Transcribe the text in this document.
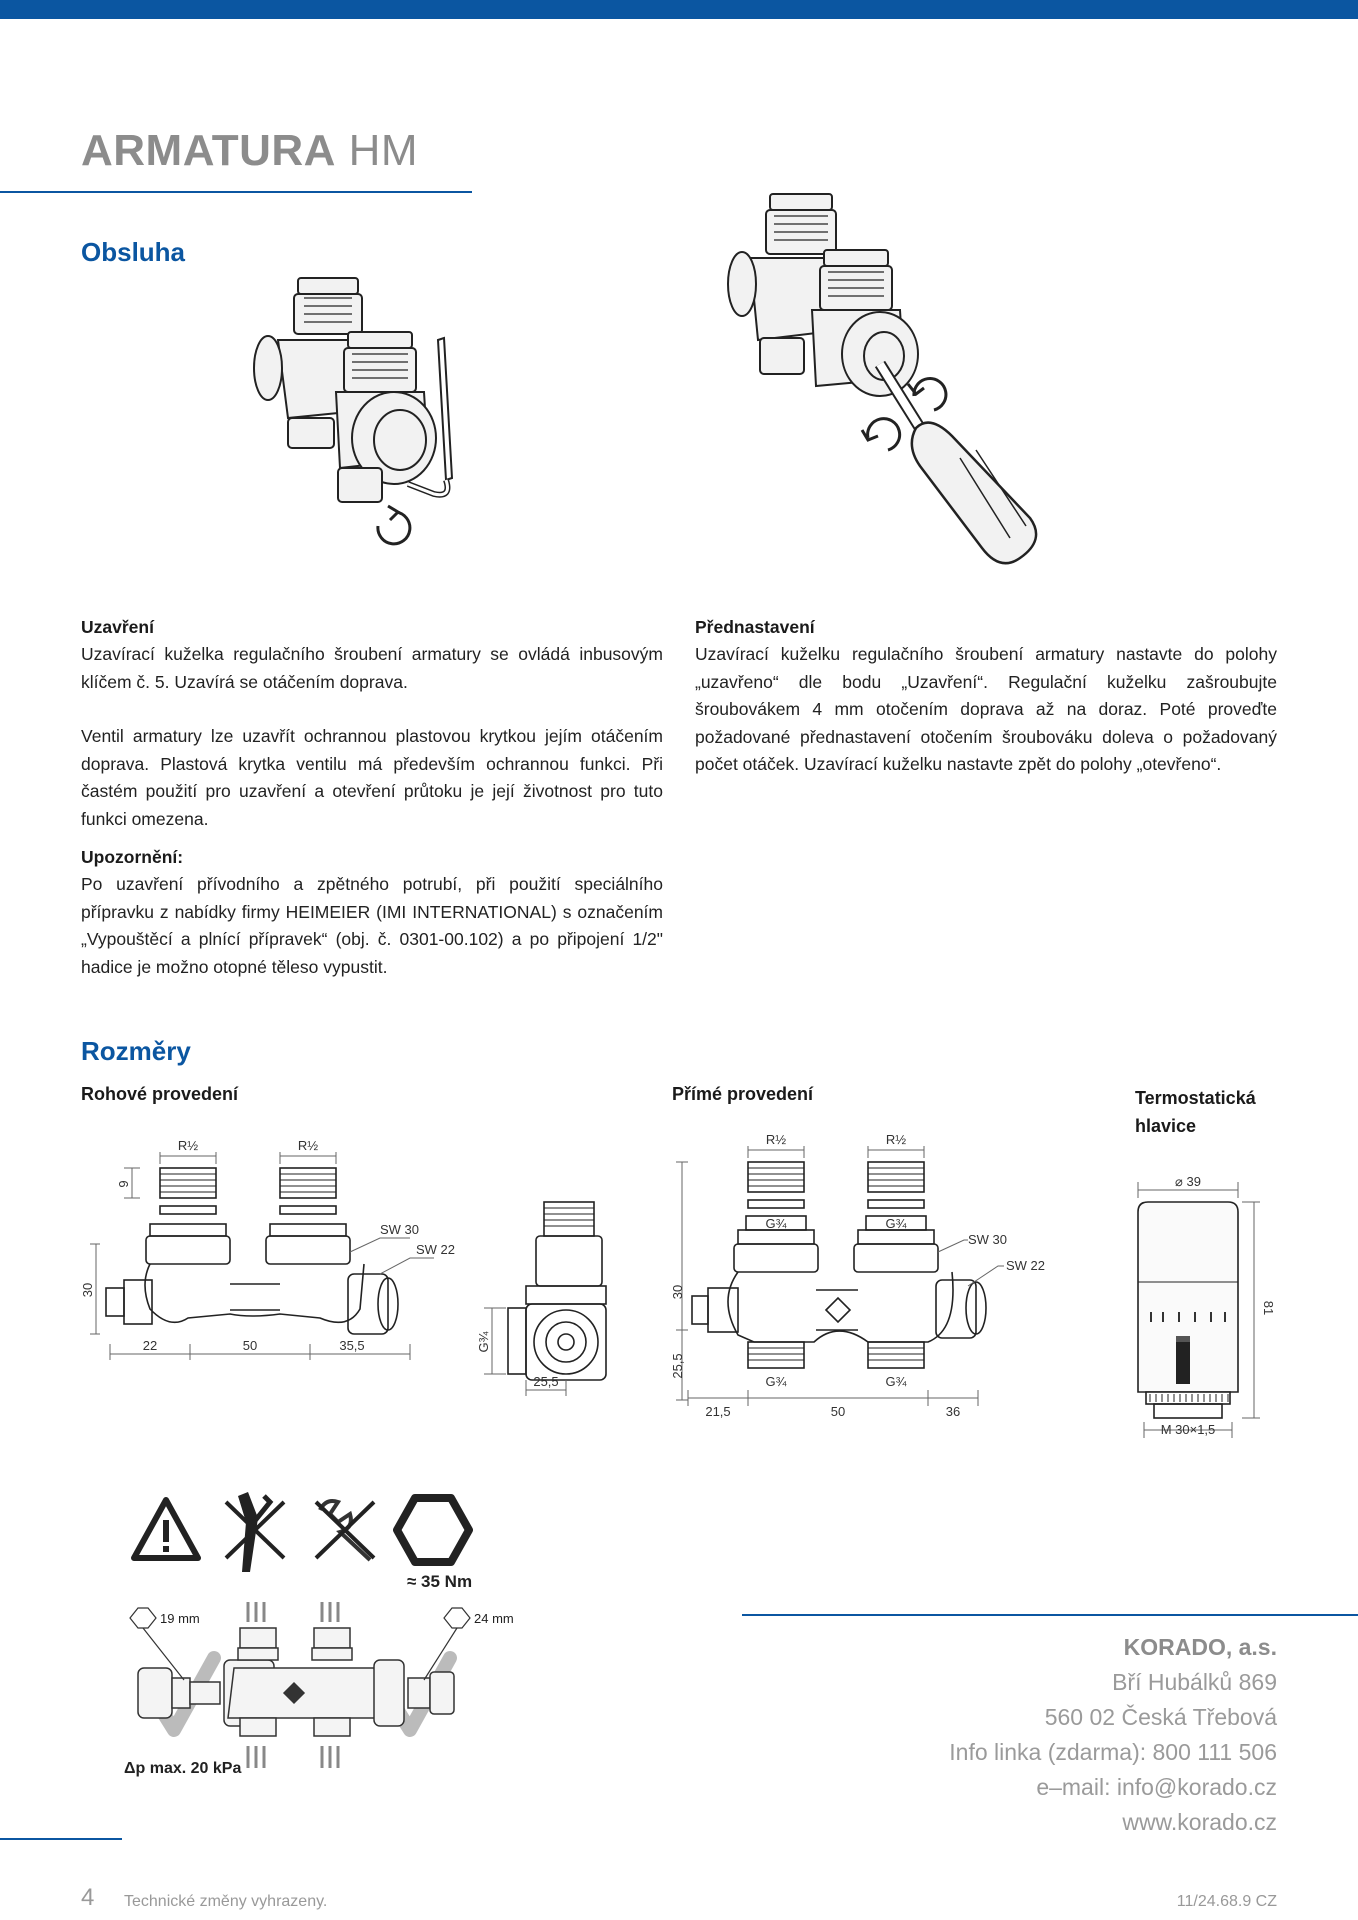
ARMATURA HM
Obsluha
Uzavření
Uzavírací kuželka regulačního šroubení armatury se ovládá inbusovým klíčem č. 5. Uzavírá se otáčením doprava.
Ventil armatury lze uzavřít ochrannou plastovou krytkou jejím otáčením doprava. Plastová krytka ventilu má především ochrannou funkci. Při častém použití pro uzavření a otevření průtoku je její životnost pro tuto funkci omezena.
Upozornění:
Po uzavření přívodního a zpětného potrubí, při použití speciálního přípravku z nabídky firmy HEIMEIER (IMI INTERNATIONAL) s označením „Vypouštěcí a plnící přípravek“ (obj. č. 0301-00.102) a po připojení 1/2" hadice je možno otopné těleso vypustit.
Přednastavení
Uzavírací kuželku regulačního šroubení armatury nastavte do polohy „uzavřeno“ dle bodu „Uzavření“. Regulační kuželku zašroubujte šroubovákem 4 mm otočením doprava až na doraz. Poté proveďte požadované přednastavení otočením šroubováku doleva o požadovaný počet otáček. Uzavírací kuželku nastavte zpět do polohy „otevřeno“.
Rozměry
Rohové provedení	Přímé provedení	Termostatická
hlavice
R½	R½
9
30
SW 30
SW 22
22	50	35,5	G¾
25,5
R½	R½
G¾	G¾
30
25,5
SW 30
SW 22
G¾	G¾
21,5	50	36
⌀ 39
81
M 30×1,5
≈ 35 Nm
19 mm	24 mm
Δp max. 20 kPa
KORADO, a.s.
Bří Hubálků 869
560 02 Česká Třebová
Info linka (zdarma): 800 111 506
e–mail: info@korado.cz
www.korado.cz
4 Technické změny vyhrazeny.	11/24.68.9 CZ
